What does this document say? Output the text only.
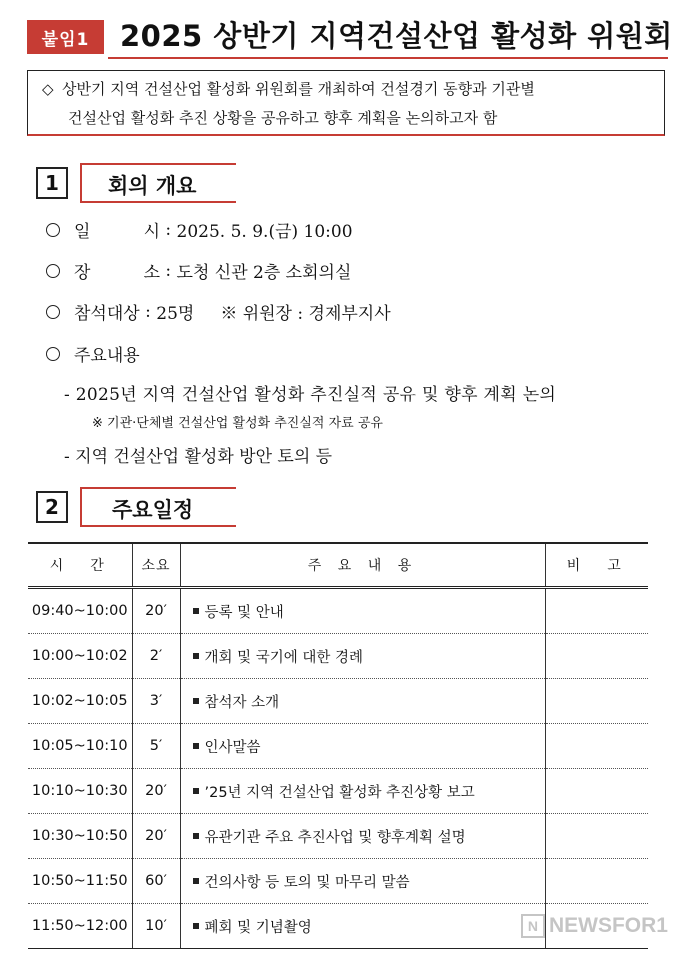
붙임1	2025 상반기 지역건설산업 활성화 위원회
◇ 상반기 지역 건설산업 활성화 위원회를 개최하여 건설경기 동향과 기관별
건설산업 활성화 추진 상황을 공유하고 향후 계획을 논의하고자 함
1	회의 개요
일	시 : 2025. 5. 9.(금) 10:00
장	소 : 도청 신관 2층 소회의실
참석대상 : 25명 ※ 위원장 : 경제부지사
주요내용
- 2025년 지역 건설산업 활성화 추진실적 공유 및 향후 계획 논의
※ 기관·단체별 건설산업 활성화 추진실적 자료 공유
- 지역 건설산업 활성화 방안 토의 등
2	주요일정
시  간	소요	주 요 내 용	비  고
09:40~10:00	20′	등록 및 안내	
10:00~10:02	2′	개회 및 국기에 대한 경례	
10:02~10:05	3′	참석자 소개	
10:05~10:10	5′	인사말씀	
10:10~10:30	20′	’25년 지역 건설산업 활성화 추진상황 보고	
10:30~10:50	20′	유관기관 주요 추진사업 및 향후계획 설명	
10:50~11:50	60′	건의사항 등 토의 및 마무리 말씀	
11:50~12:00	10′	폐회 및 기념촬영		N NEWSFOR1
